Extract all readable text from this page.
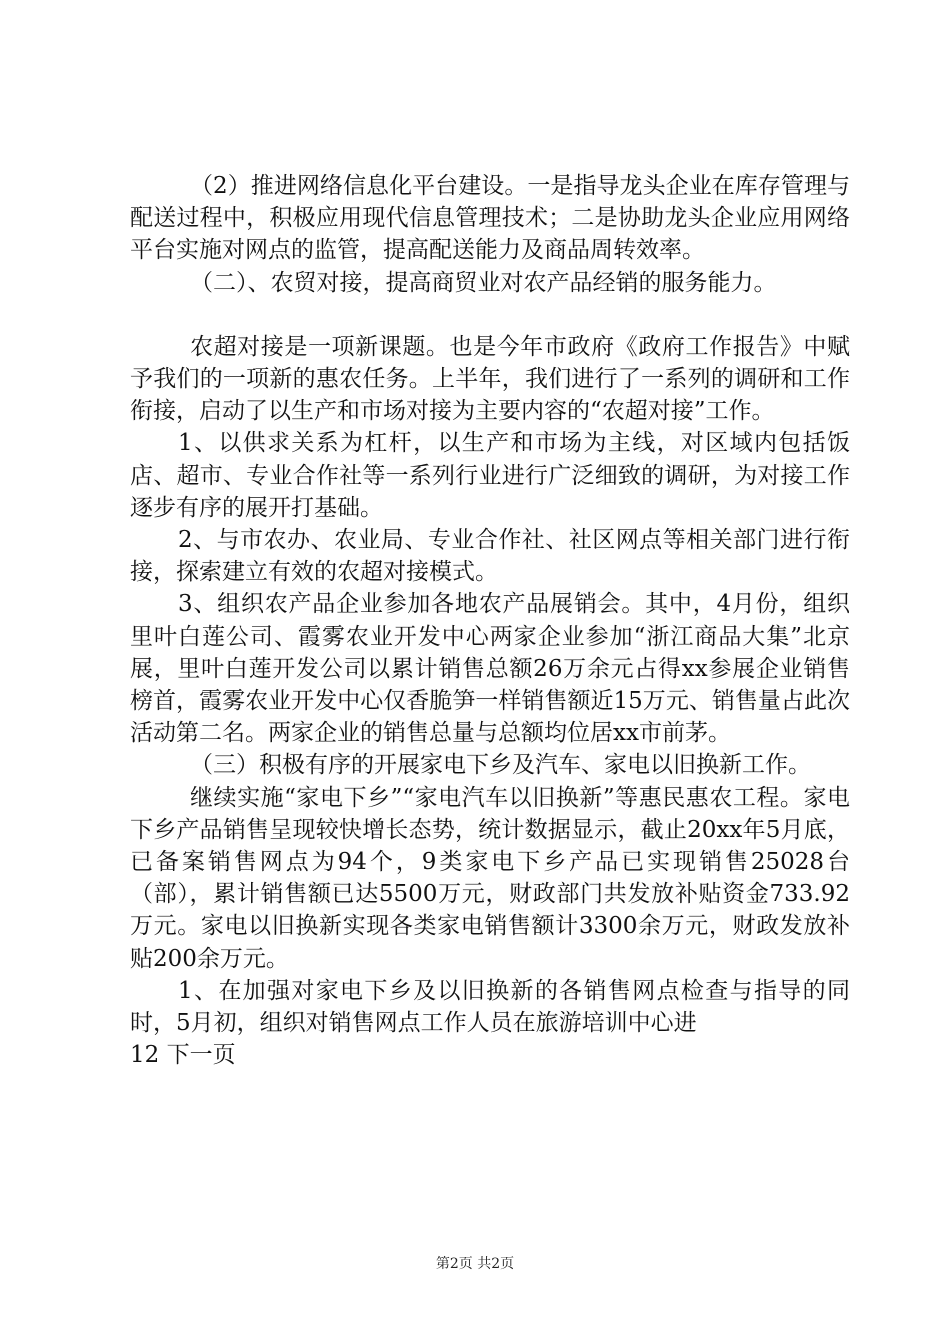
（2）推进网络信息化平台建设。一是指导龙头企业在库存管理与配送过程中，积极应用现代信息管理技术；二是协助龙头企业应用网络平台实施对网点的监管，提高配送能力及商品周转效率。

（二）、农贸对接，提高商贸业对农产品经销的服务能力。

农超对接是一项新课题。也是今年市政府《政府工作报告》中赋予我们的一项新的惠农任务。上半年，我们进行了一系列的调研和工作衔接，启动了以生产和市场对接为主要内容的“农超对接”工作。

1、以供求关系为杠杆，以生产和市场为主线，对区域内包括饭店、超市、专业合作社等一系列行业进行广泛细致的调研，为对接工作逐步有序的展开打基础。

2、与市农办、农业局、专业合作社、社区网点等相关部门进行衔接，探索建立有效的农超对接模式。

3、组织农产品企业参加各地农产品展销会。其中，4月份，组织里叶白莲公司、霞雾农业开发中心两家企业参加“浙江商品大集”北京展，里叶白莲开发公司以累计销售总额26万余元占得xx参展企业销售榜首，霞雾农业开发中心仅香脆笋一样销售额近15万元、销售量占此次活动第二名。两家企业的销售总量与总额均位居xx市前茅。

（三）积极有序的开展家电下乡及汽车、家电以旧换新工作。

继续实施“家电下乡”“家电汽车以旧换新”等惠民惠农工程。家电下乡产品销售呈现较快增长态势，统计数据显示，截止20xx年5月底，已备案销售网点为94个，9类家电下乡产品已实现销售25028台（部），累计销售额已达5500万元，财政部门共发放补贴资金733.92万元。家电以旧换新实现各类家电销售额计3300余万元，财政发放补贴200余万元。

1、在加强对家电下乡及以旧换新的各销售网点检查与指导的同时，5月初，组织对销售网点工作人员在旅游培训中心进

12 下一页
第2页 共2页
